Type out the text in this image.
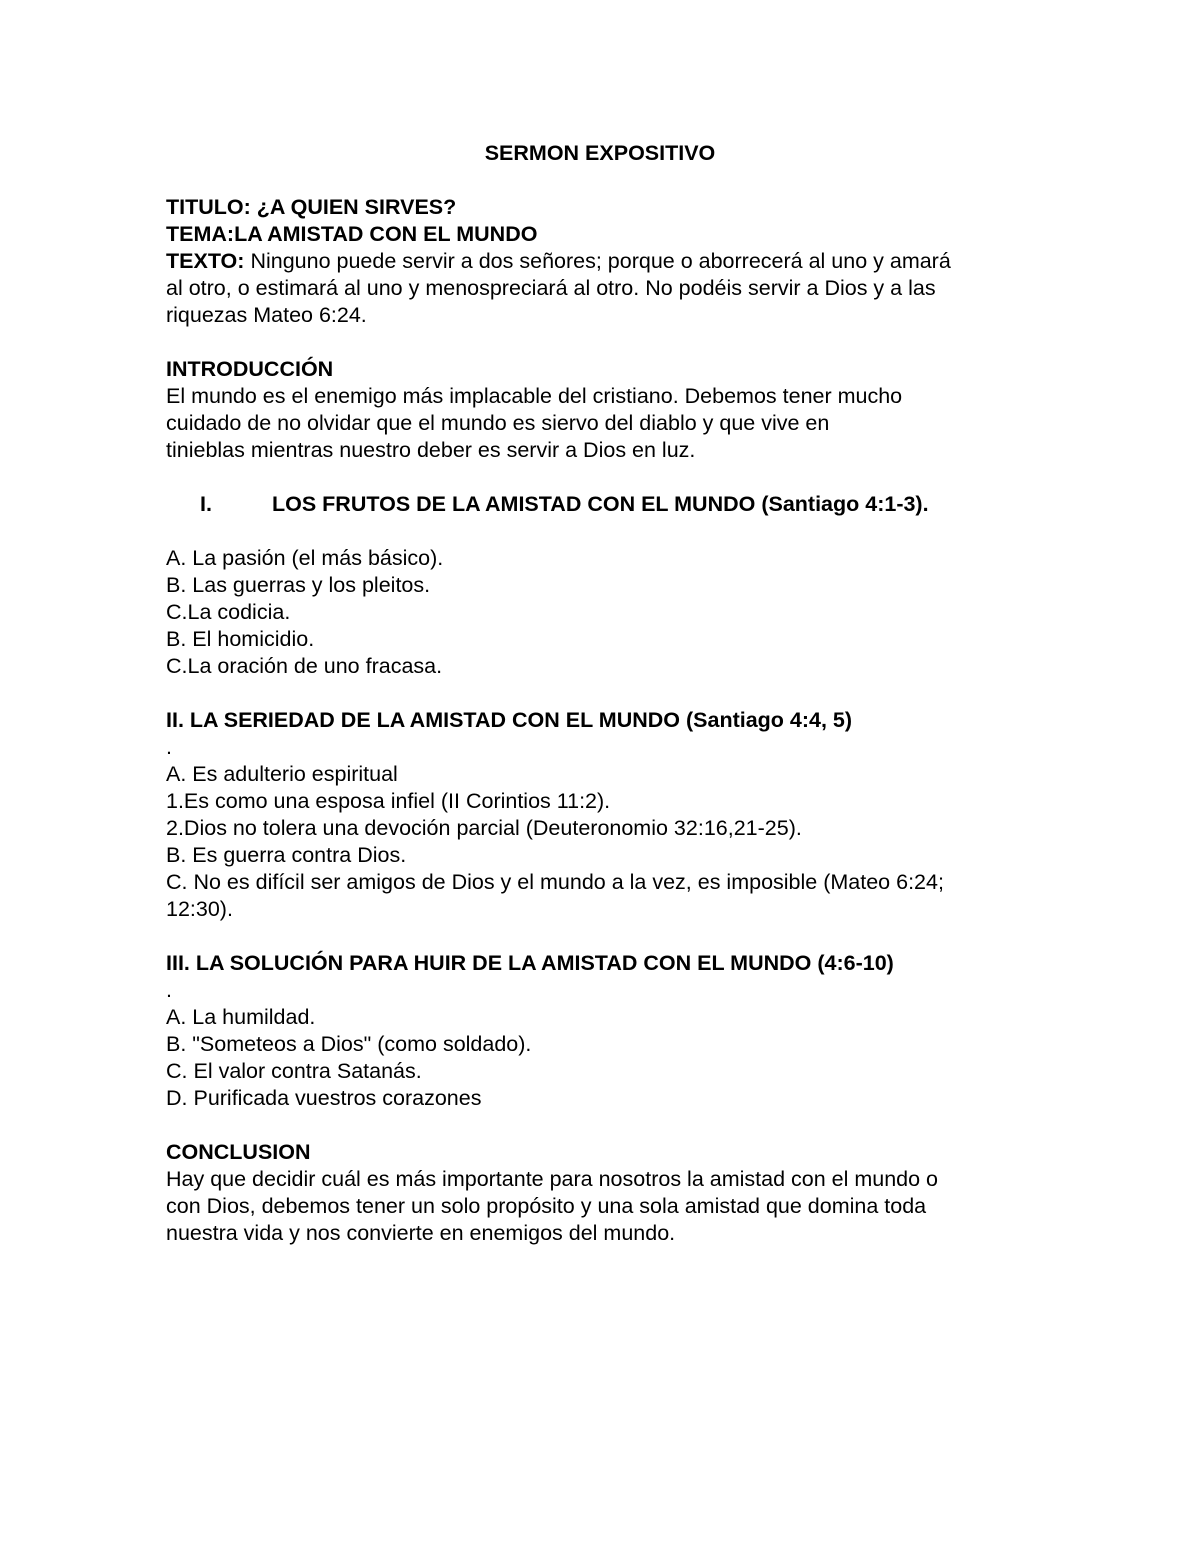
SERMON EXPOSITIVO
TITULO: ¿A QUIEN SIRVES?
TEMA:LA AMISTAD CON EL MUNDO
TEXTO: Ninguno puede servir a dos señores; porque o aborrecerá al uno y amará
al otro, o estimará al uno y menospreciará al otro. No podéis servir a Dios y a las
riquezas Mateo 6:24.
INTRODUCCIÓN
El mundo es el enemigo más implacable del cristiano. Debemos tener mucho
cuidado de no olvidar que el mundo es siervo del diablo y que vive en
tinieblas mientras nuestro deber es servir a Dios en luz.
I.	LOS FRUTOS DE LA AMISTAD CON EL MUNDO (Santiago 4:1-3).
A. La pasión (el más básico).
B. Las guerras y los pleitos.
C.La codicia.
B. El homicidio.
C.La oración de uno fracasa.
II. LA SERIEDAD DE LA AMISTAD CON EL MUNDO (Santiago 4:4, 5)
.
A. Es adulterio espiritual
1.Es como una esposa infiel (II Corintios 11:2).
2.Dios no tolera una devoción parcial (Deuteronomio 32:16,21-25).
B. Es guerra contra Dios.
C. No es difícil ser amigos de Dios y el mundo a la vez, es imposible (Mateo 6:24;
12:30).
III. LA SOLUCIÓN PARA HUIR DE LA AMISTAD CON EL MUNDO (4:6-10)
.
A. La humildad.
B. "Someteos a Dios" (como soldado).
C. El valor contra Satanás.
D. Purificada vuestros corazones
CONCLUSION
Hay que decidir cuál es más importante para nosotros la amistad con el mundo o
con Dios, debemos tener un solo propósito y una sola amistad que domina toda
nuestra vida y nos convierte en enemigos del mundo.
